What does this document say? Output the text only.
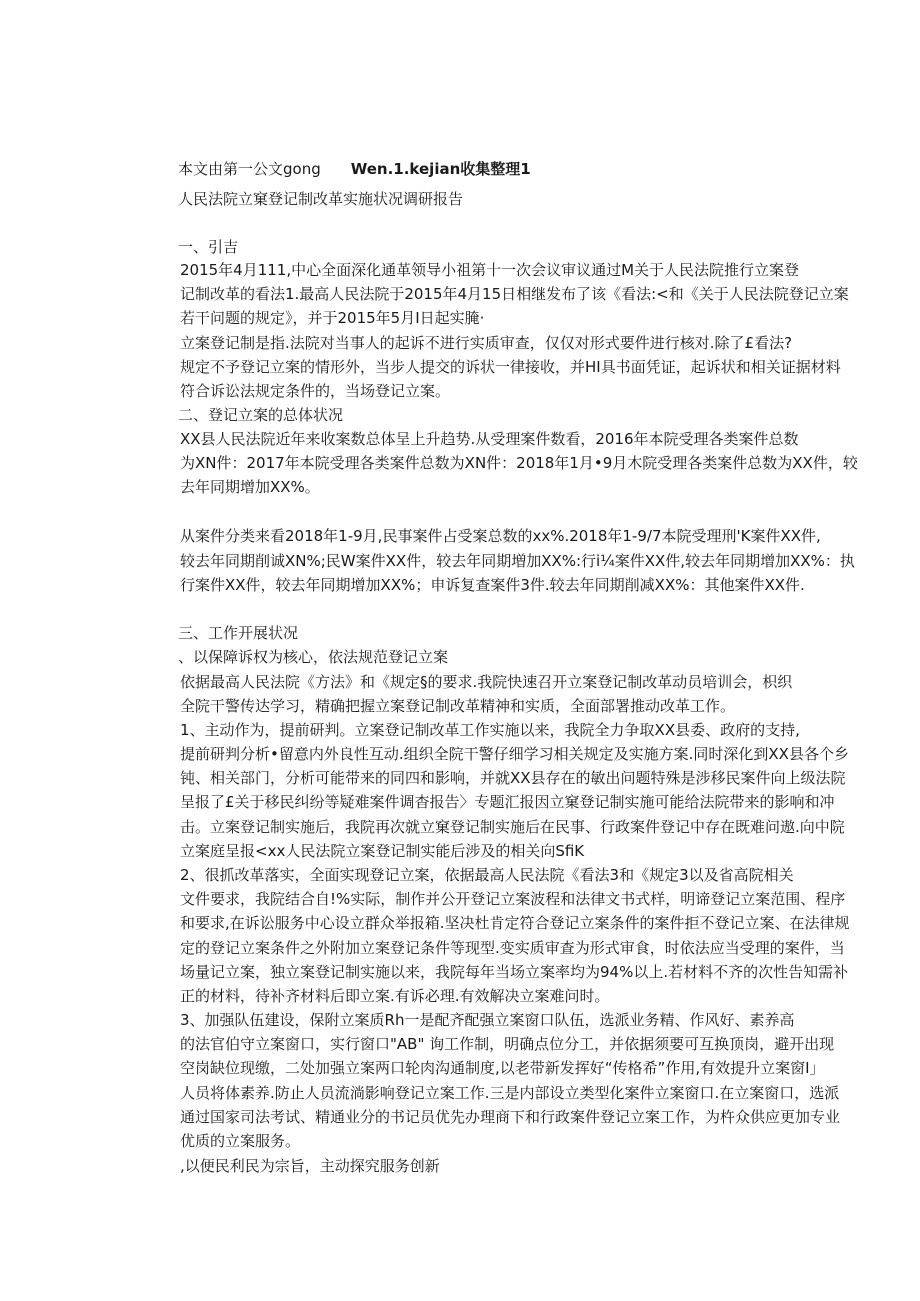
本文由第一公文gong Wen.1.kejian收集整理1
人民法院立窠登记制改革实施状况调研报告
一、引吉
2015年4月111,中心全面深化通革领导小祖第十一次会议审议通过M关于人民法院推行立案登
记制改革的看法1.最高人民法院于2015年4月15日相继发布了该《看法:<和《关于人民法院登记立案
若干问题的规定》，并于2015年5月I日起实腌·
立案登记制是指.法院对当事人的起诉不进行实质审查，仅仅对形式要件进行核对.除了£看法?
规定不予登记立案的情形外，当步人提交的诉状一律接收，并HI具书面凭证，起诉状和相关证据材料
符合诉讼法规定条件的，当场登记立案。
二、登记立案的总体状况
XX县人民法院近年来收案数总体呈上升趋势.从受理案件数看，2016年本院受理各类案件总数
为XN件：2017年本院受理各类案件总数为XN件：2018年1月•9月木院受理各类案件总数为XX件，较
去年同期增加XX%。
从案件分类来看2018年1-9月,民事案件占受案总数的xx%.2018年1-9/7本院受理刑'K案件XX件,
较去年同期削诚XN%;民W案件XX件，较去年同期増加XX%:行i¼案件XX件,较去年同期增加XX%：执
行案件XX件，较去年同期增加XX%；申诉复查案件3件.较去年同期削减XX%：其他案件XX件.
三、工作开展状况
、以保障诉权为核心，依法规范登记立案
依据最高人民法院《方法》和《规定§的要求.我院快速召开立案登记制改革动员培训会，枳织
全院干警传达学习，精确把握立案登记制改革精神和实质，全面部署推动改革工作。
1、主动作为，提前研判。立案登记制改革工作实施以来，我院全力争取XX县委、政府的支持,
提前研判分析•留意内外良性互动.组织全院干警仔细学习相关规定及实施方案.同时深化到XX县各个乡
钝、相关部门，分析可能带来的同四和影响，并就XX县存在的敏出问题特殊是涉移民案件向上级法院
呈报了£关于移民纠纷等疑难案件调杳报告〉专题汇报因立窠登记制实施可能给法院带来的影响和冲
击。立案登记制实施后，我院再次就立窠登记制实施后在民事、行政案件登记中存在既难问遨.向中院
立案庭呈报<xx人民法院立案登记制实能后涉及的相关向SfiK
2、很抓改革落实，全面实现登记立案，依据最高人民法院《看法3和《规定3以及省高院相关
文件要求，我院结合自!%实际，制作并公开登记立案波程和法律文书式样，明谛登记立案范围、程序
和要求,在诉讼服务中心设立群众举报箱.坚决杜肯定符合登记立案条件的案件拒不登记立案、在法律规
定的登记立案条件之外附加立案登记条件等现型.变实质审查为形式审食，时依法应当受理的案件，当
场量记立案，独立案登记制实施以来，我院每年当场立案率均为94%以上.若材料不齐的次性告知需补
正的材料，待补齐材料后即立案.有诉必理.有效解决立案难问时。
3、加强队伍建设，保附立案质Rh一是配齐配强立案窗口队伍，选派业务精、作风好、素养高
的法官伯守立案窗口，实行窗口"AB" 询工作制，明确点位分工，并依据须要可互换顶岗，避开出现
空岗缺位现缴，二处加强立案两口轮肉沟通制度,以老带新发挥好“传格希”作用,有效提升立案窗I」
人员将体素养.防止人员流淌影响登记立案工作.三是内部设立类型化案件立案窗口.在立案窗口，选派
通过国家司法考试、精通业分的书记员优先办理商下和行政案件登记立案工作，为杵众供应更加专业
优质的立案服务。
,以便民利民为宗旨，主动探究服务创新
